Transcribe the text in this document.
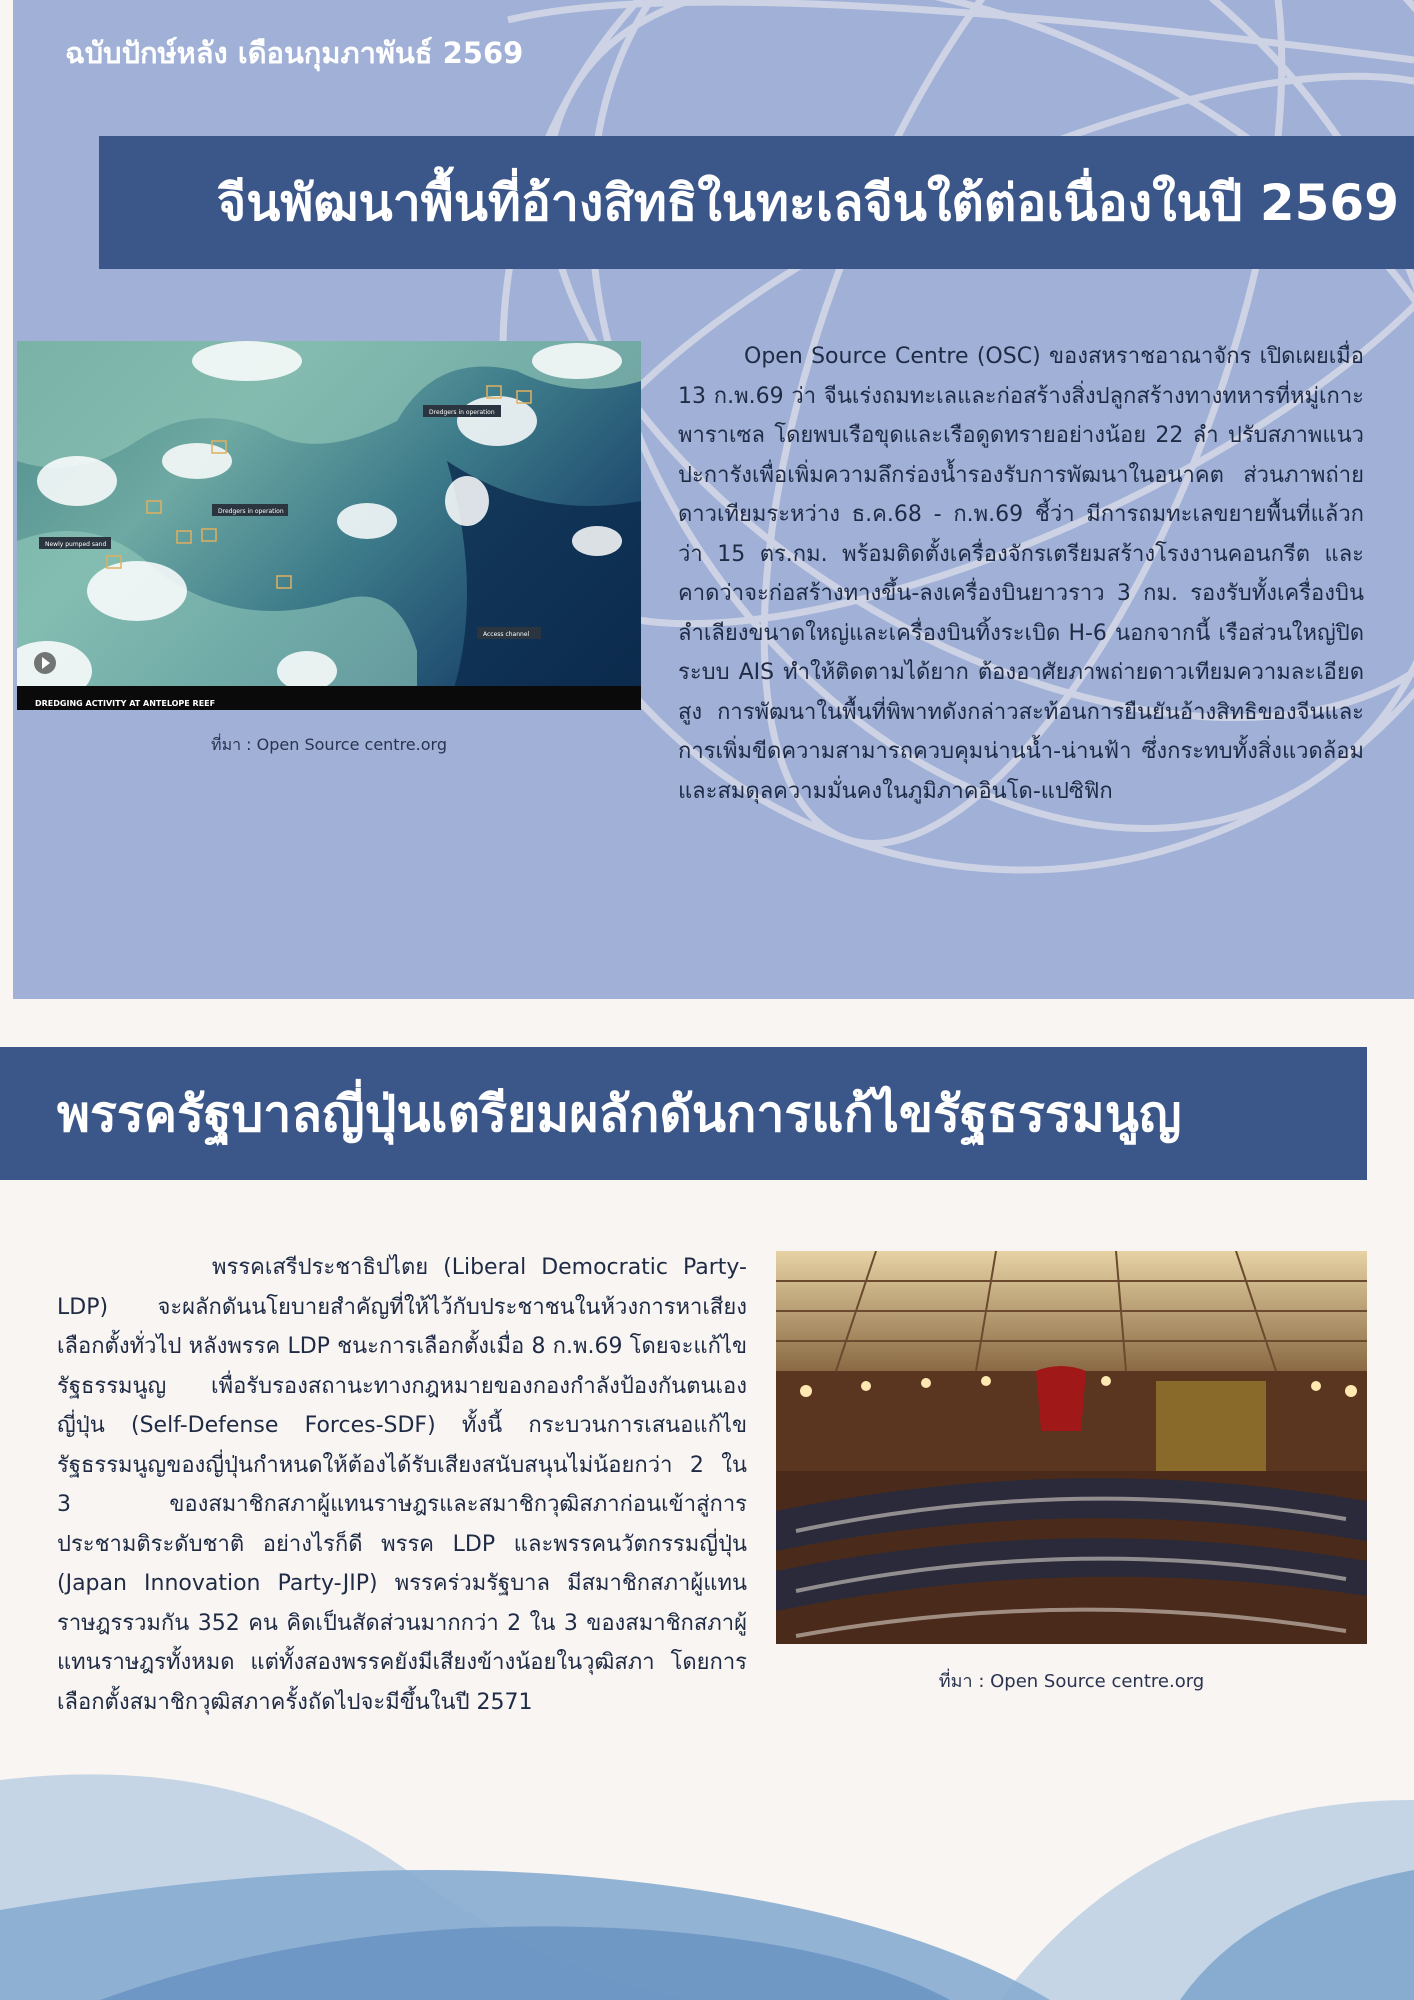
ฉบับปักษ์หลัง เดือนกุมภาพันธ์ 2569
จีนพัฒนาพื้นที่อ้างสิทธิในทะเลจีนใต้ต่อเนื่องในปี 2569
Dredgers in operation
Dredgers in operation
Newly pumped sand
Access channel
DREDGING ACTIVITY AT ANTELOPE REEF
ที่มา : Open Source centre.org

Open Source Centre (OSC) ของสหราชอาณาจักร เปิดเผยเมื่อ 13 ก.พ.69 ว่า จีนเร่งถมทะเลและก่อสร้างสิ่งปลูกสร้างทางทหารที่หมู่เกาะพาราเซล โดยพบเรือขุดและเรือดูดทรายอย่างน้อย 22 ลำ ปรับสภาพแนวปะการังเพื่อเพิ่มความลึกร่องน้ำรองรับการพัฒนาในอนาคต ส่วนภาพถ่ายดาวเทียมระหว่าง ธ.ค.68 - ก.พ.69 ชี้ว่า มีการถมทะเลขยายพื้นที่แล้วกว่า 15 ตร.กม. พร้อมติดตั้งเครื่องจักรเตรียมสร้างโรงงานคอนกรีต และคาดว่าจะก่อสร้างทางขึ้น-ลงเครื่องบินยาวราว 3 กม. รองรับทั้งเครื่องบินลำเลียงขนาดใหญ่และเครื่องบินทิ้งระเบิด H-6 นอกจากนี้ เรือส่วนใหญ่ปิดระบบ AIS ทำให้ติดตามได้ยาก ต้องอาศัยภาพถ่ายดาวเทียมความละเอียดสูง การพัฒนาในพื้นที่พิพาทดังกล่าวสะท้อนการยืนยันอ้างสิทธิของจีนและการเพิ่มขีดความสามารถควบคุมน่านน้ำ-น่านฟ้า ซึ่งกระทบทั้งสิ่งแวดล้อมและสมดุลความมั่นคงในภูมิภาคอินโด-แปซิฟิก

พรรครัฐบาลญี่ปุ่นเตรียมผลักดันการแก้ไขรัฐธรรมนูญ

พรรคเสรีประชาธิปไตย (Liberal Democratic Party-LDP) จะผลักดันนโยบายสำคัญที่ให้ไว้กับประชาชนในห้วงการหาเสียงเลือกตั้งทั่วไป หลังพรรค LDP ชนะการเลือกตั้งเมื่อ 8 ก.พ.69 โดยจะแก้ไขรัฐธรรมนูญ เพื่อรับรองสถานะทางกฎหมายของกองกำลังป้องกันตนเองญี่ปุ่น (Self-Defense Forces-SDF) ทั้งนี้ กระบวนการเสนอแก้ไขรัฐธรรมนูญของญี่ปุ่นกำหนดให้ต้องได้รับเสียงสนับสนุนไม่น้อยกว่า 2 ใน 3 ของสมาชิกสภาผู้แทนราษฎรและสมาชิกวุฒิสภาก่อนเข้าสู่การประชามติระดับชาติ อย่างไรก็ดี พรรค LDP และพรรคนวัตกรรมญี่ปุ่น (Japan Innovation Party-JIP) พรรคร่วมรัฐบาล มีสมาชิกสภาผู้แทนราษฎรรวมกัน 352 คน คิดเป็นสัดส่วนมากกว่า 2 ใน 3 ของสมาชิกสภาผู้แทนราษฎรทั้งหมด แต่ทั้งสองพรรคยังมีเสียงข้างน้อยในวุฒิสภา โดยการเลือกตั้งสมาชิกวุฒิสภาครั้งถัดไปจะมีขึ้นในปี 2571

ที่มา : Open Source centre.org
